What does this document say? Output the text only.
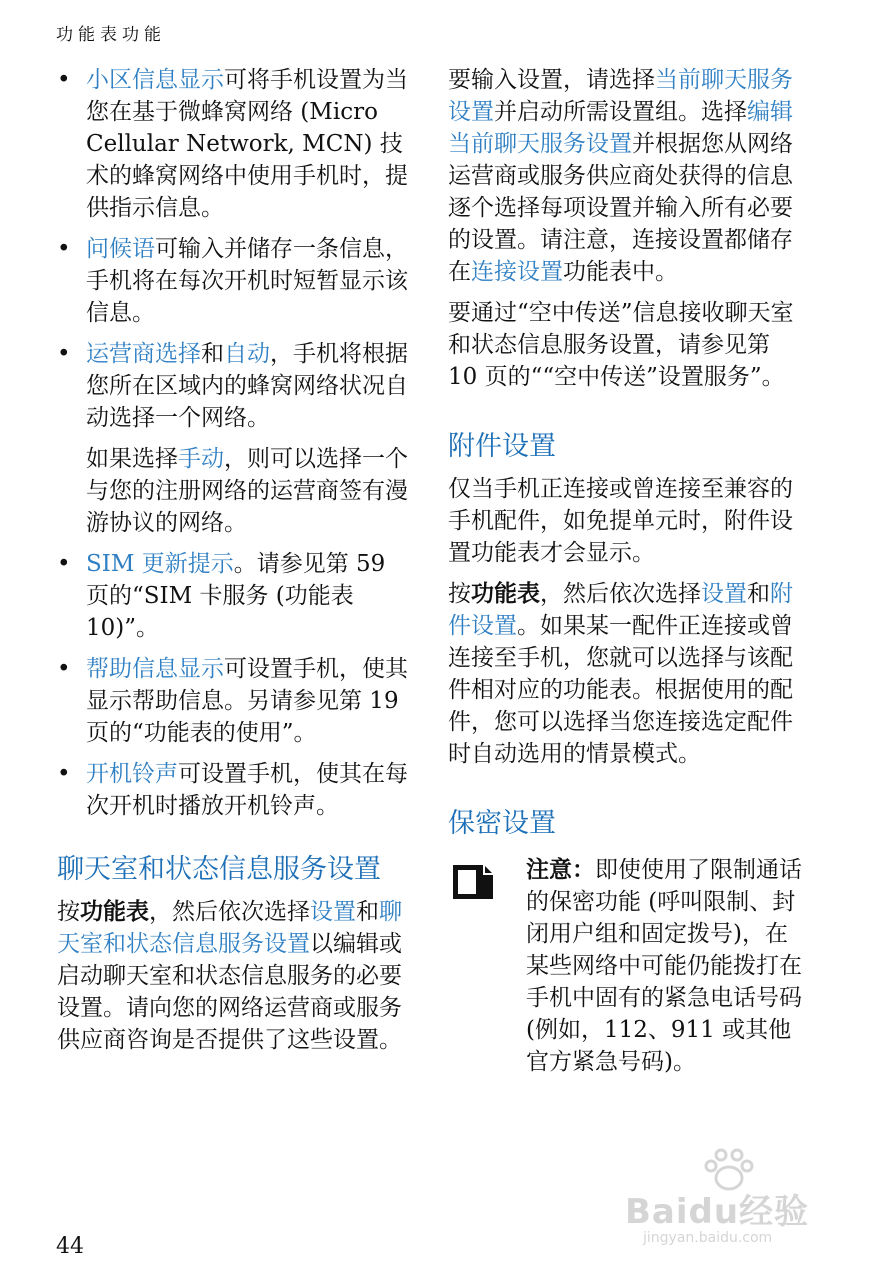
功能表功能
• 小区信息显示可将手机设置为当您在基于微蜂窝网络 (Micro Cellular Network, MCN) 技术的蜂窝网络中使用手机时，提供指示信息。
• 问候语可输入并储存一条信息，手机将在每次开机时短暂显示该信息。
• 运营商选择和自动，手机将根据您所在区域内的蜂窝网络状况自动选择一个网络。

如果选择手动，则可以选择一个与您的注册网络的运营商签有漫游协议的网络。

• SIM 更新提示。请参见第 59 页的“SIM 卡服务 (功能表 10)”。
• 帮助信息显示可设置手机，使其显示帮助信息。另请参见第 19 页的“功能表的使用”。
• 开机铃声可设置手机，使其在每次开机时播放开机铃声。
聊天室和状态信息服务设置

按功能表，然后依次选择设置和聊天室和状态信息服务设置以编辑或启动聊天室和状态信息服务的必要设置。请向您的网络运营商或服务供应商咨询是否提供了这些设置。

要输入设置，请选择当前聊天服务设置并启动所需设置组。选择编辑当前聊天服务设置并根据您从网络运营商或服务供应商处获得的信息逐个选择每项设置并输入所有必要的设置。请注意，连接设置都储存在连接设置功能表中。

要通过“空中传送”信息接收聊天室和状态信息服务设置，请参见第 10 页的““空中传送”设置服务”。

附件设置

仅当手机正连接或曾连接至兼容的手机配件，如免提单元时，附件设置功能表才会显示。

按功能表，然后依次选择设置和附件设置。如果某一配件正连接或曾连接至手机，您就可以选择与该配件相对应的功能表。根据使用的配件，您可以选择当您连接选定配件时自动选用的情景模式。

保密设置

注意：即使使用了限制通话的保密功能 (呼叫限制、封闭用户组和固定拨号)，在某些网络中可能仍能拨打在手机中固有的紧急电话号码 (例如，112、911 或其他官方紧急号码)。

Baidu经验
jingyan.baidu.com
44
